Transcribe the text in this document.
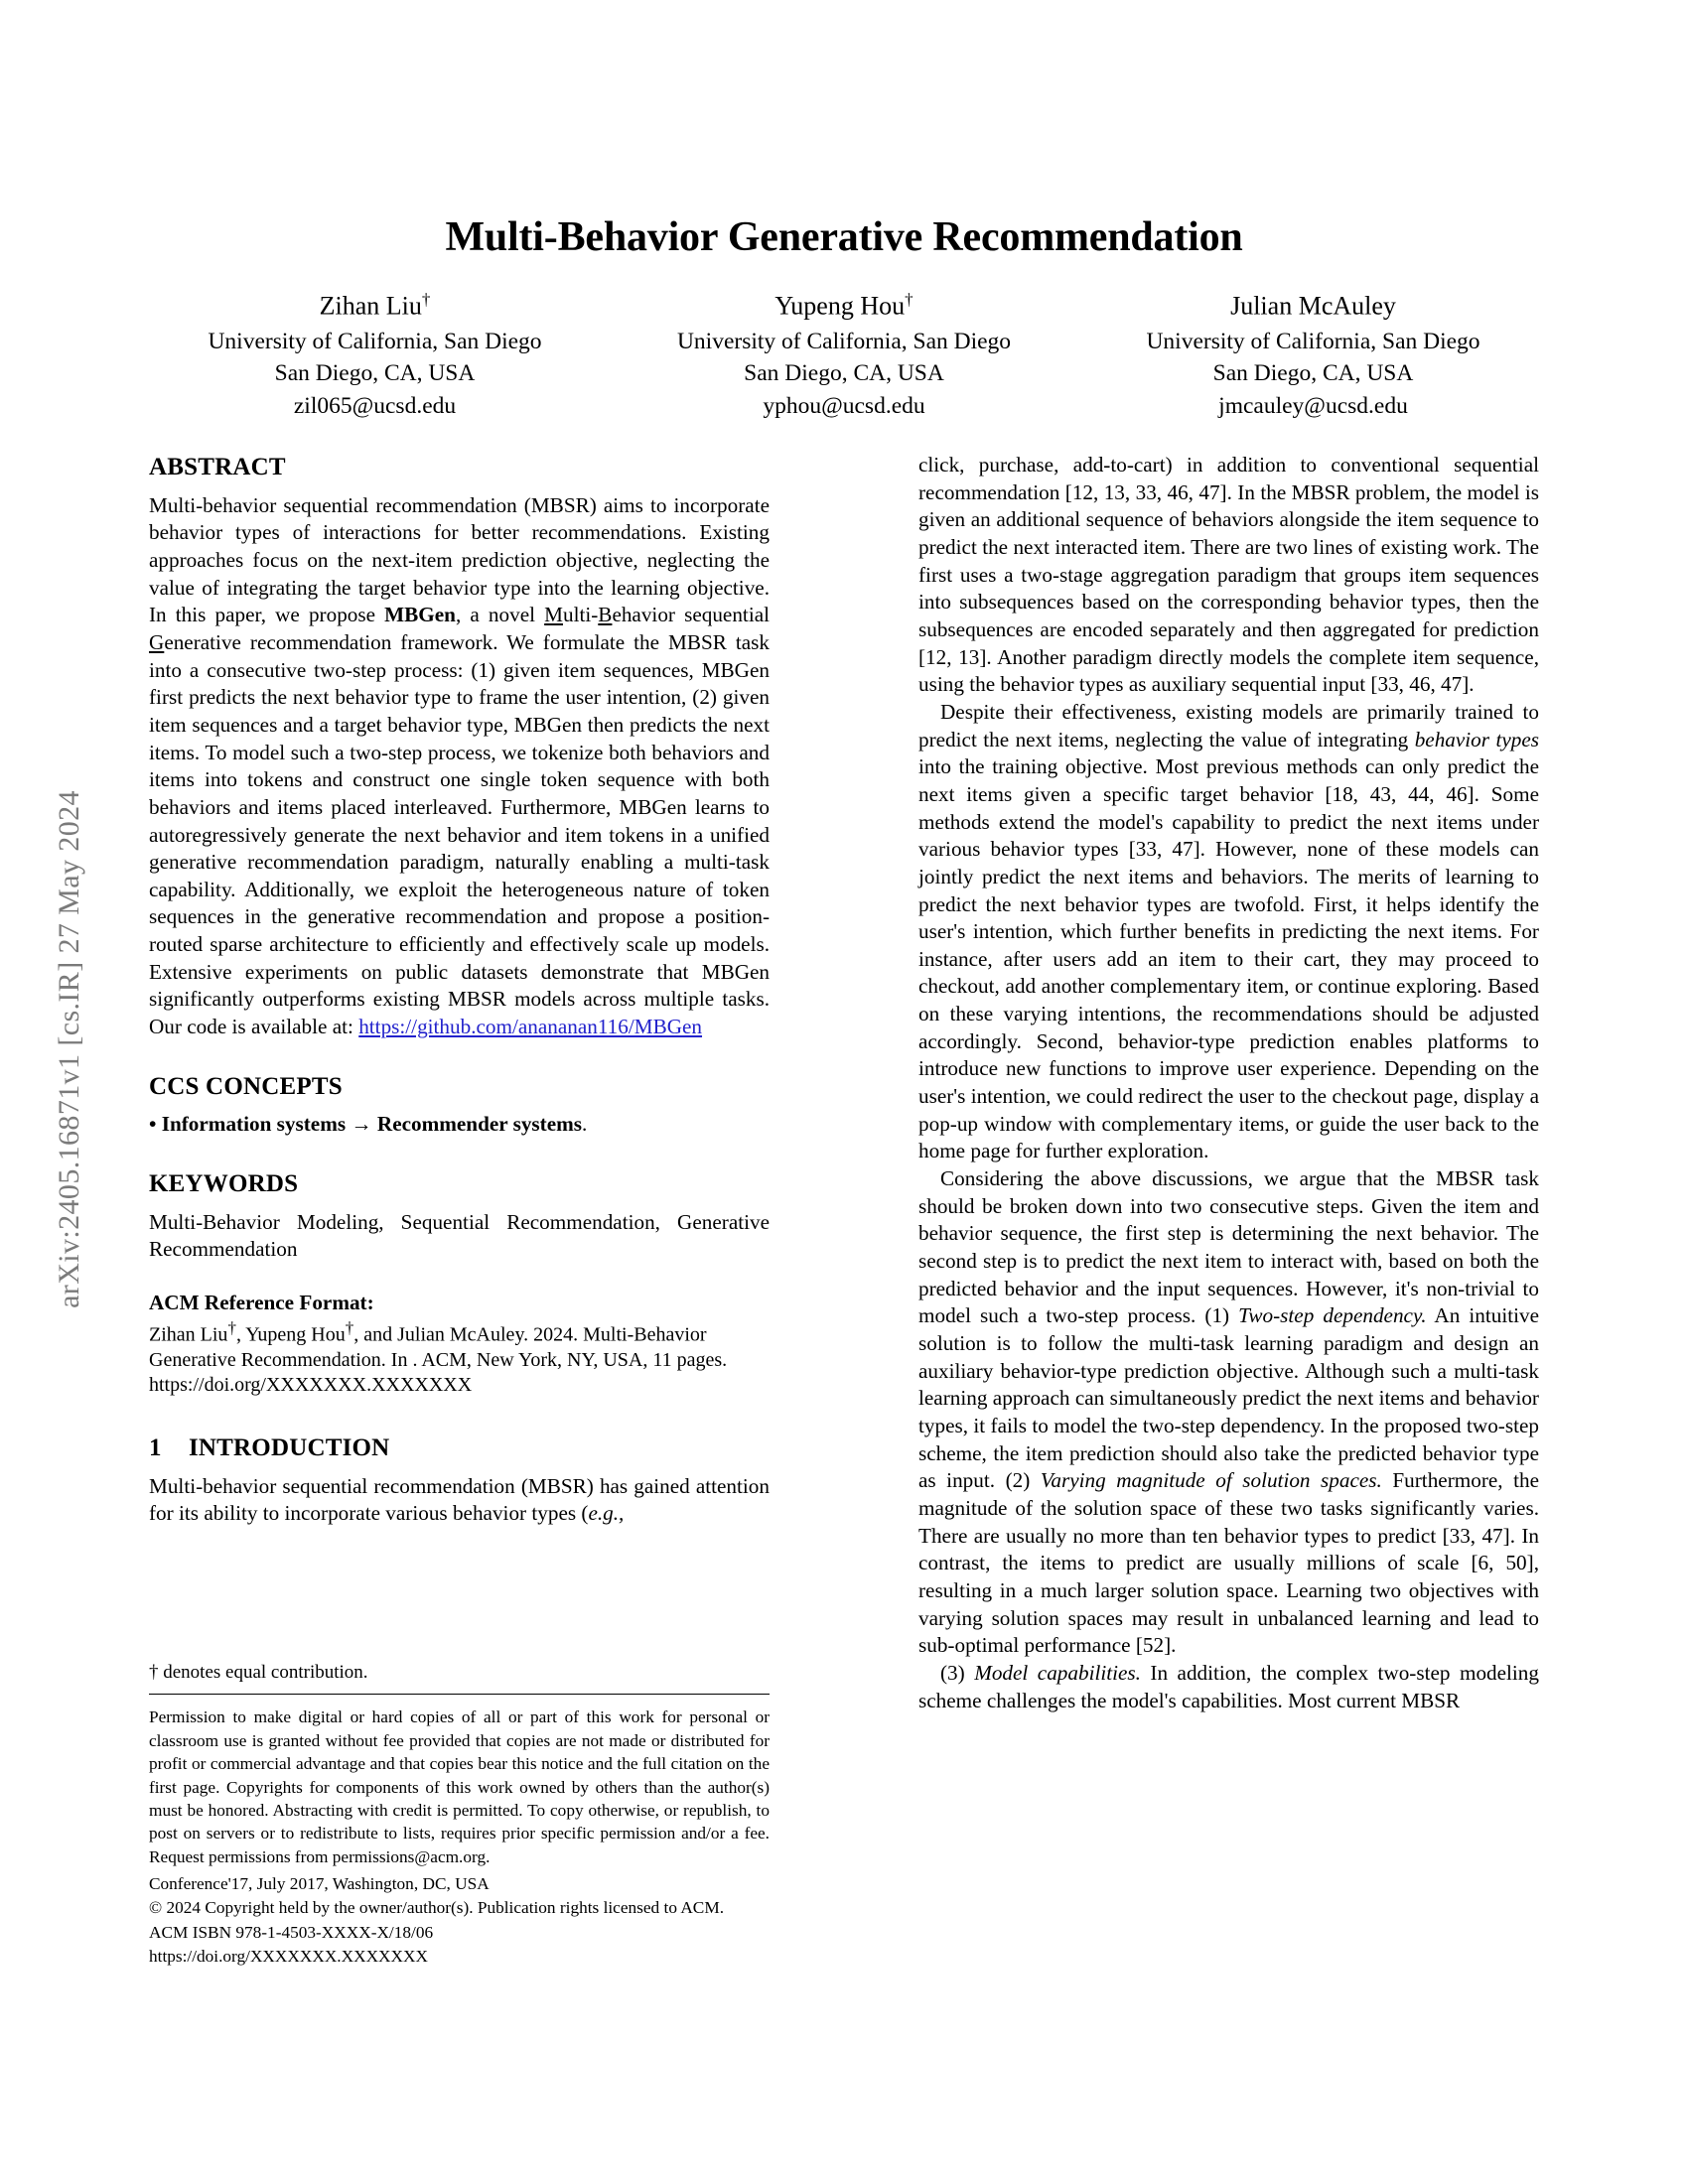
arXiv:2405.16871v1 [cs.IR] 27 May 2024
Multi-Behavior Generative Recommendation
Zihan Liu†
University of California, San Diego
San Diego, CA, USA
zil065@ucsd.edu
Yupeng Hou†
University of California, San Diego
San Diego, CA, USA
yphou@ucsd.edu
Julian McAuley
University of California, San Diego
San Diego, CA, USA
jmcauley@ucsd.edu
ABSTRACT

Multi-behavior sequential recommendation (MBSR) aims to incorporate behavior types of interactions for better recommendations. Existing approaches focus on the next-item prediction objective, neglecting the value of integrating the target behavior type into the learning objective. In this paper, we propose MBGen, a novel Multi-Behavior sequential Generative recommendation framework. We formulate the MBSR task into a consecutive two-step process: (1) given item sequences, MBGen first predicts the next behavior type to frame the user intention, (2) given item sequences and a target behavior type, MBGen then predicts the next items. To model such a two-step process, we tokenize both behaviors and items into tokens and construct one single token sequence with both behaviors and items placed interleaved. Furthermore, MBGen learns to autoregressively generate the next behavior and item tokens in a unified generative recommendation paradigm, naturally enabling a multi-task capability. Additionally, we exploit the heterogeneous nature of token sequences in the generative recommendation and propose a position-routed sparse architecture to efficiently and effectively scale up models. Extensive experiments on public datasets demonstrate that MBGen significantly outperforms existing MBSR models across multiple tasks. Our code is available at: https://github.com/anananan116/MBGen

CCS CONCEPTS

• Information systems → Recommender systems.

KEYWORDS

Multi-Behavior Modeling, Sequential Recommendation, Generative Recommendation

ACM Reference Format:
Zihan Liu†, Yupeng Hou†, and Julian McAuley. 2024. Multi-Behavior Generative Recommendation. In . ACM, New York, NY, USA, 11 pages. https://doi.org/XXXXXXX.XXXXXXX
1 INTRODUCTION

Multi-behavior sequential recommendation (MBSR) has gained attention for its ability to incorporate various behavior types (e.g.,

click, purchase, add-to-cart) in addition to conventional sequential recommendation [12, 13, 33, 46, 47]. In the MBSR problem, the model is given an additional sequence of behaviors alongside the item sequence to predict the next interacted item. There are two lines of existing work. The first uses a two-stage aggregation paradigm that groups item sequences into subsequences based on the corresponding behavior types, then the subsequences are encoded separately and then aggregated for prediction [12, 13]. Another paradigm directly models the complete item sequence, using the behavior types as auxiliary sequential input [33, 46, 47].

Despite their effectiveness, existing models are primarily trained to predict the next items, neglecting the value of integrating behavior types into the training objective. Most previous methods can only predict the next items given a specific target behavior [18, 43, 44, 46]. Some methods extend the model's capability to predict the next items under various behavior types [33, 47]. However, none of these models can jointly predict the next items and behaviors. The merits of learning to predict the next behavior types are twofold. First, it helps identify the user's intention, which further benefits in predicting the next items. For instance, after users add an item to their cart, they may proceed to checkout, add another complementary item, or continue exploring. Based on these varying intentions, the recommendations should be adjusted accordingly. Second, behavior-type prediction enables platforms to introduce new functions to improve user experience. Depending on the user's intention, we could redirect the user to the checkout page, display a pop-up window with complementary items, or guide the user back to the home page for further exploration.

Considering the above discussions, we argue that the MBSR task should be broken down into two consecutive steps. Given the item and behavior sequence, the first step is determining the next behavior. The second step is to predict the next item to interact with, based on both the predicted behavior and the input sequences. However, it's non-trivial to model such a two-step process. (1) Two-step dependency. An intuitive solution is to follow the multi-task learning paradigm and design an auxiliary behavior-type prediction objective. Although such a multi-task learning approach can simultaneously predict the next items and behavior types, it fails to model the two-step dependency. In the proposed two-step scheme, the item prediction should also take the predicted behavior type as input. (2) Varying magnitude of solution spaces. Furthermore, the magnitude of the solution space of these two tasks significantly varies. There are usually no more than ten behavior types to predict [33, 47]. In contrast, the items to predict are usually millions of scale [6, 50], resulting in a much larger solution space. Learning two objectives with varying solution spaces may result in unbalanced learning and lead to sub-optimal performance [52].

(3) Model capabilities. In addition, the complex two-step modeling scheme challenges the model's capabilities. Most current MBSR

† denotes equal contribution.
Permission to make digital or hard copies of all or part of this work for personal or classroom use is granted without fee provided that copies are not made or distributed for profit or commercial advantage and that copies bear this notice and the full citation on the first page. Copyrights for components of this work owned by others than the author(s) must be honored. Abstracting with credit is permitted. To copy otherwise, or republish, to post on servers or to redistribute to lists, requires prior specific permission and/or a fee. Request permissions from permissions@acm.org.
Conference'17, July 2017, Washington, DC, USA
© 2024 Copyright held by the owner/author(s). Publication rights licensed to ACM.
ACM ISBN 978-1-4503-XXXX-X/18/06
https://doi.org/XXXXXXX.XXXXXXX
